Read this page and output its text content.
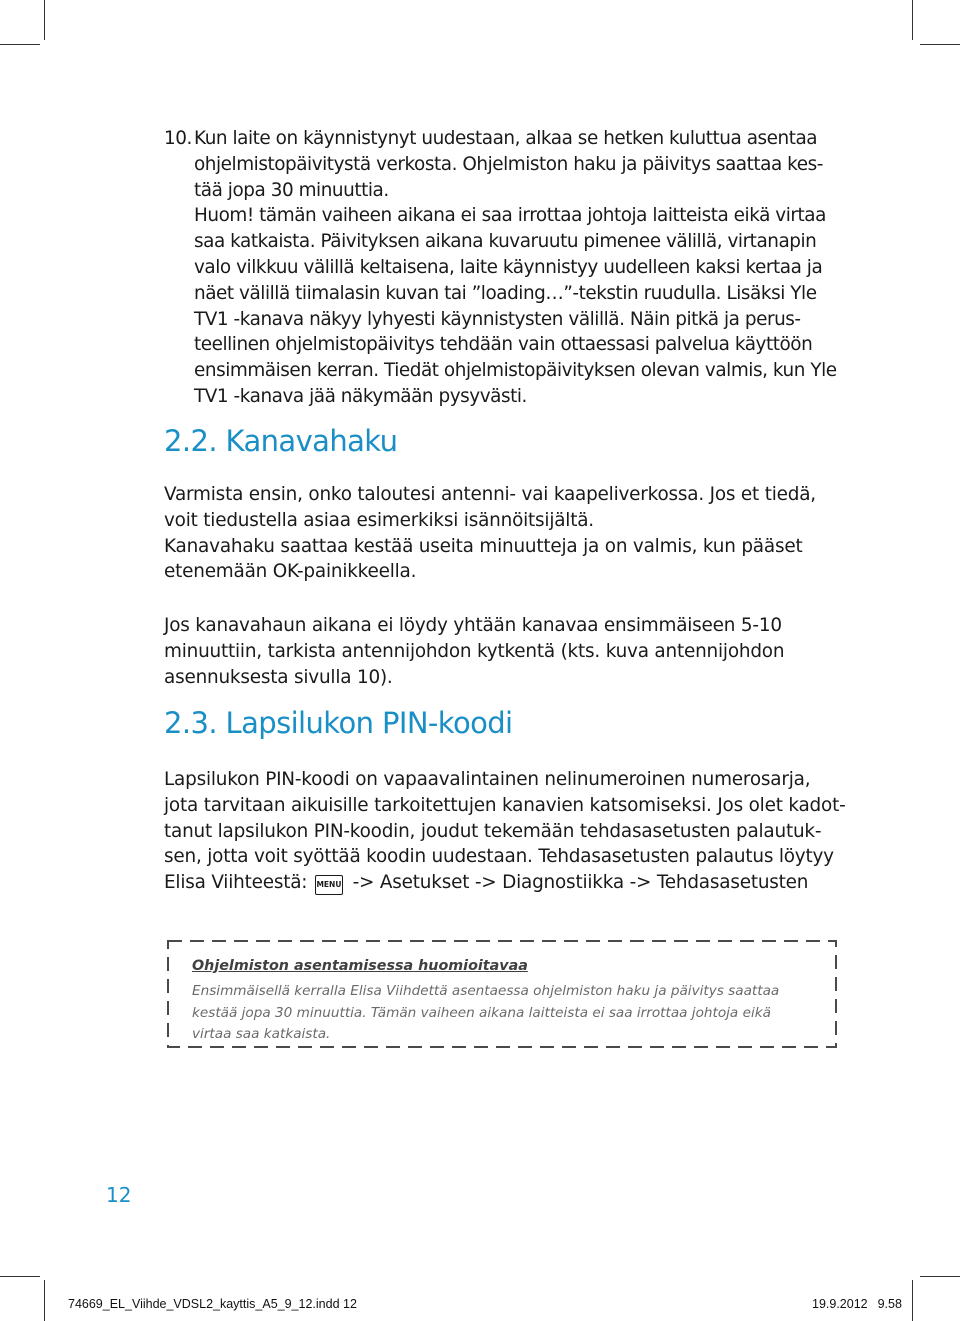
10. Kun laite on käynnistynyt uudestaan, alkaa se hetken kuluttua asentaa
ohjelmistopäivitystä verkosta. Ohjelmiston haku ja päivitys saattaa kes-
tää jopa 30 minuuttia.
Huom! tämän vaiheen aikana ei saa irrottaa johtoja laitteista eikä virtaa
saa katkaista. Päivityksen aikana kuvaruutu pimenee välillä, virtanapin
valo vilkkuu välillä keltaisena, laite käynnistyy uudelleen kaksi kertaa ja
näet välillä tiimalasin kuvan tai ”loading…”-tekstin ruudulla. Lisäksi Yle
TV1 -kanava näkyy lyhyesti käynnistysten välillä. Näin pitkä ja perus-
teellinen ohjelmistopäivitys tehdään vain ottaessasi palvelua käyttöön
ensimmäisen kerran. Tiedät ohjelmistopäivityksen olevan valmis, kun Yle
TV1 -kanava jää näkymään pysyvästi.
2.2. Kanavahaku
Varmista ensin, onko taloutesi antenni- vai kaapeliverkossa. Jos et tiedä,
voit tiedustella asiaa esimerkiksi isännöitsijältä.
Kanavahaku saattaa kestää useita minuutteja ja on valmis, kun pääset
etenemään OK-painikkeella.
Jos kanavahaun aikana ei löydy yhtään kanavaa ensimmäiseen 5-10
minuuttiin, tarkista antennijohdon kytkentä (kts. kuva antennijohdon
asennuksesta sivulla 10).
2.3. Lapsilukon PIN-koodi
Lapsilukon PIN-koodi on vapaavalintainen nelinumeroinen numerosarja,
jota tarvitaan aikuisille tarkoitettujen kanavien katsomiseksi. Jos olet kadot-
tanut lapsilukon PIN-koodin, joudut tekemään tehdasasetusten palautuk-
sen, jotta voit syöttää koodin uudestaan. Tehdasasetusten palautus löytyy
Elisa Viihteestä: MENU -> Asetukset -> Diagnostiikka -> Tehdasasetusten

Ohjelmiston asentamisessa huomioitavaa

Ensimmäisellä kerralla Elisa Viihdettä asentaessa ohjelmiston haku ja päivitys saattaa
kestää jopa 30 minuuttia. Tämän vaiheen aikana laitteista ei saa irrottaa johtoja eikä
virtaa saa katkaista.
12
74669_EL_Viihde_VDSL2_kayttis_A5_9_12.indd 12	19.9.2012 9.58
